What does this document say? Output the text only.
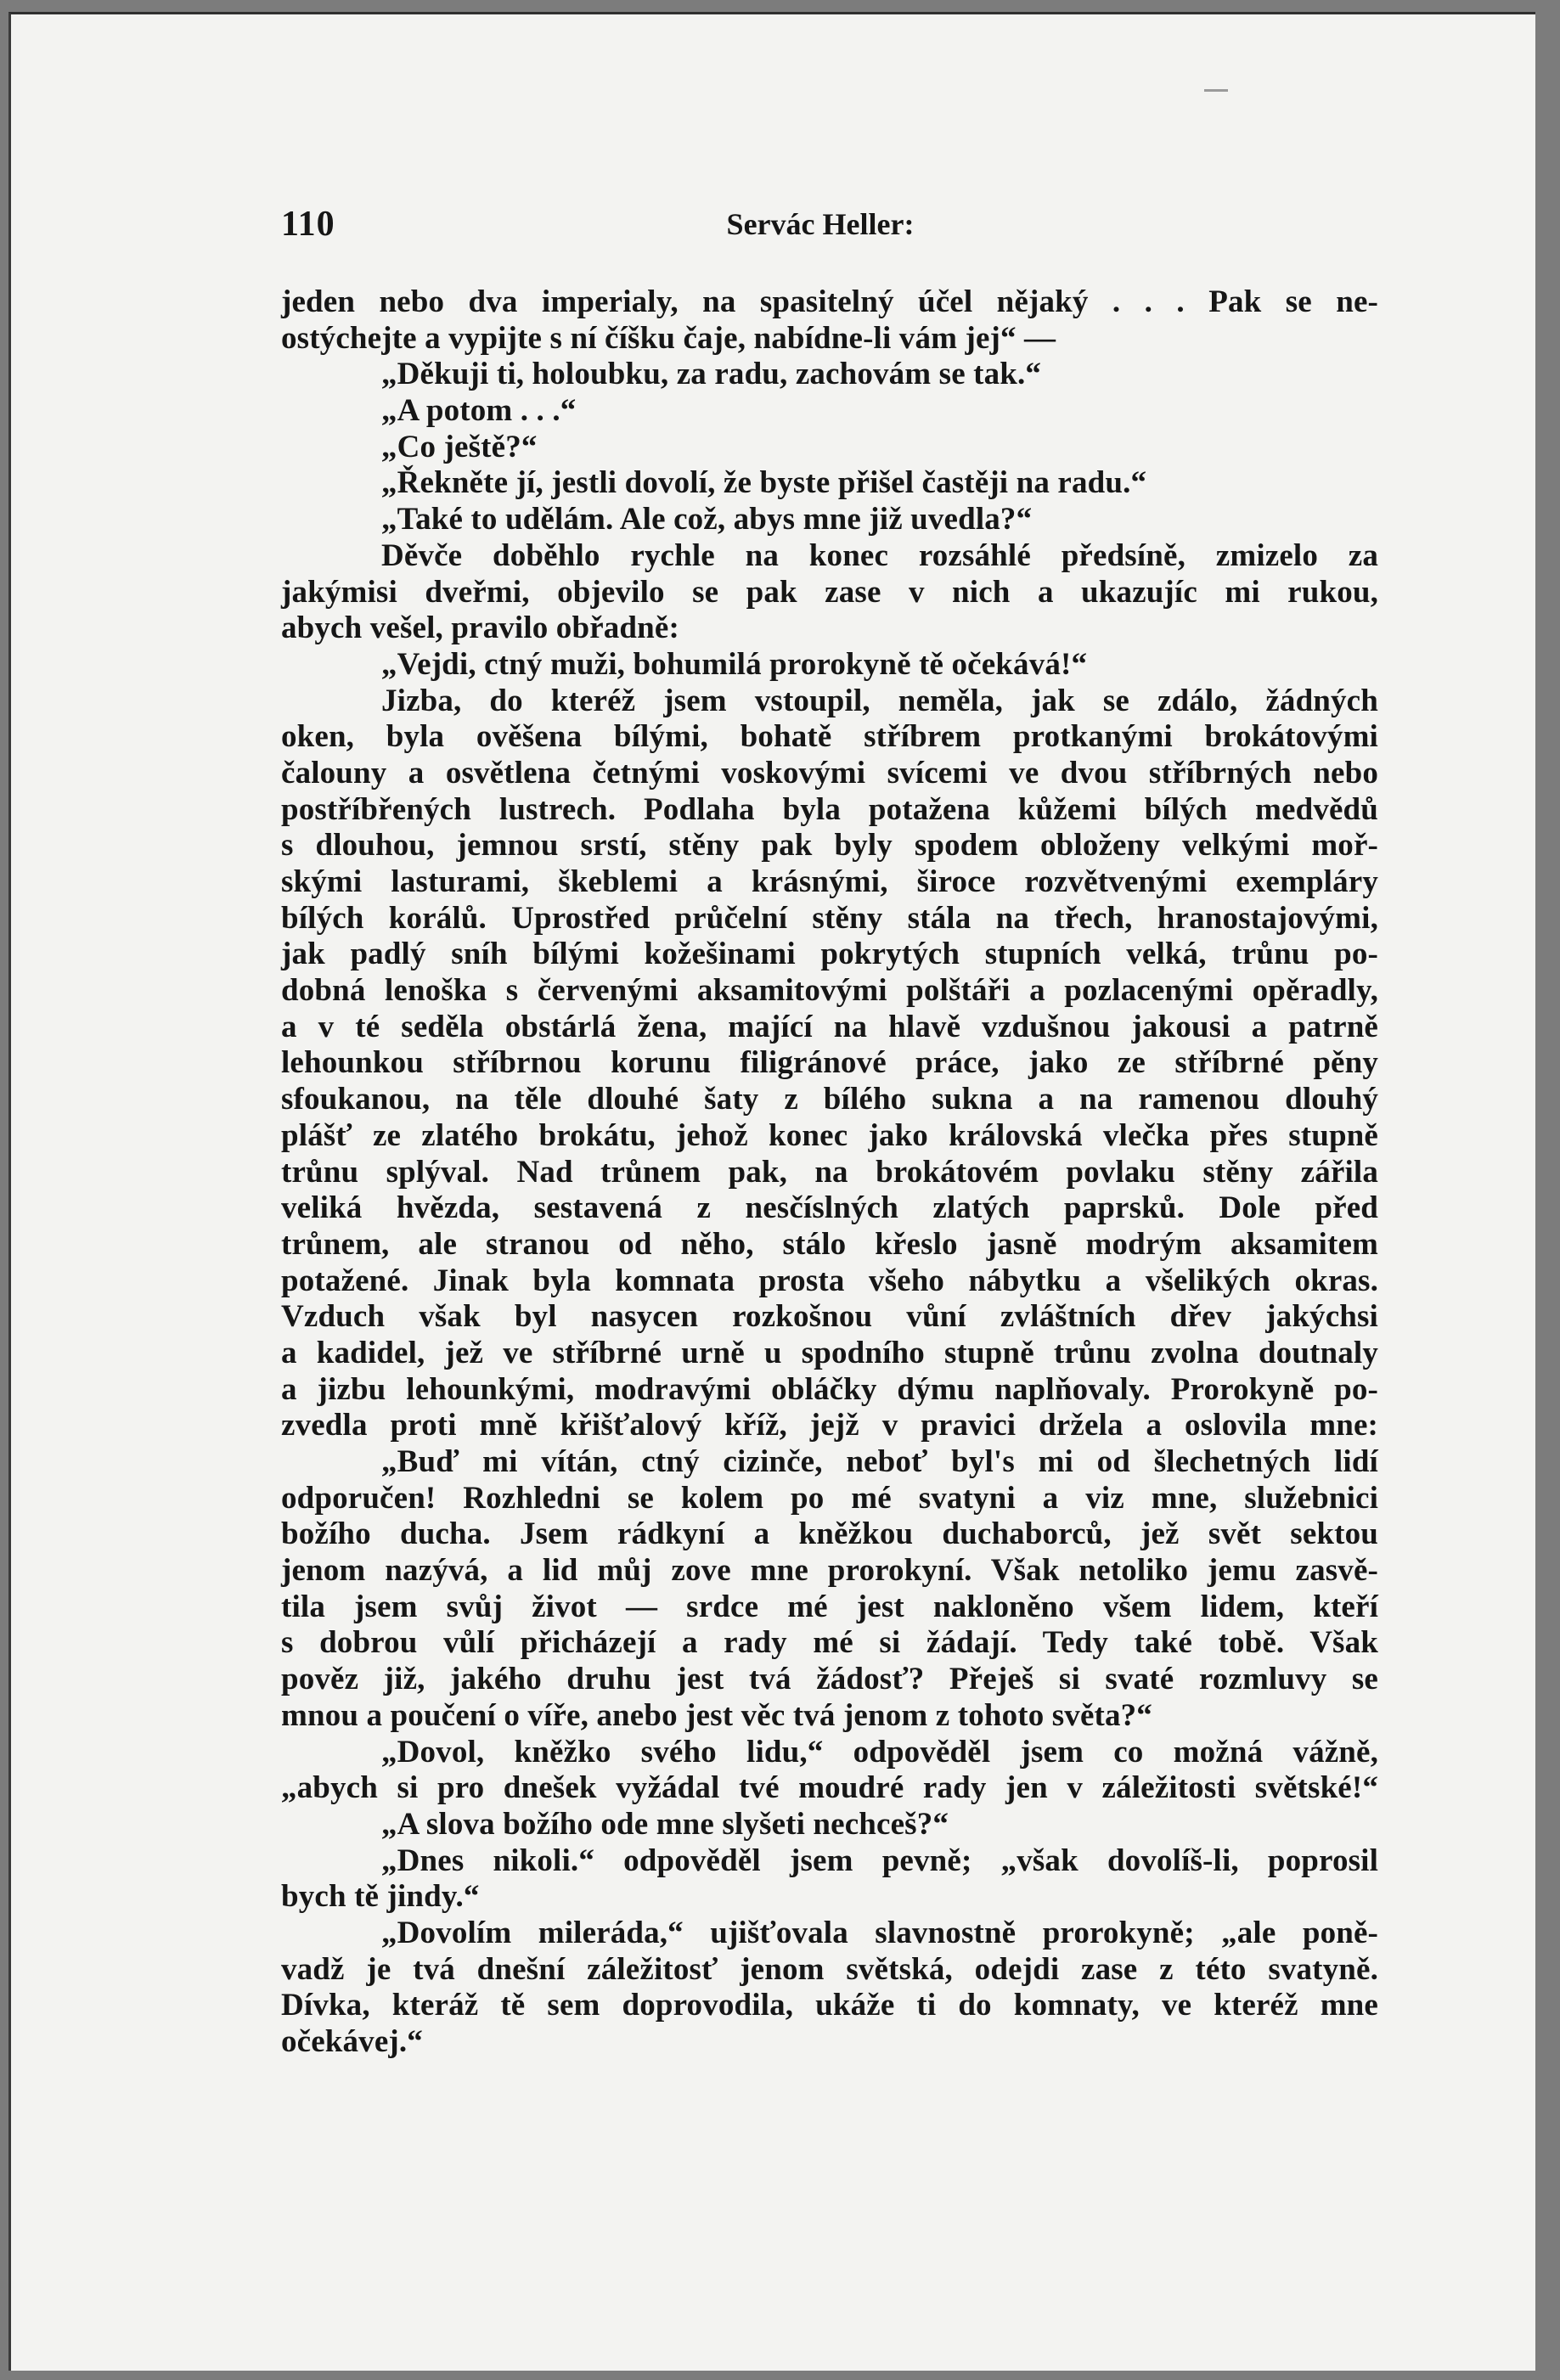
110	Servác Heller:
jeden nebo dva imperialy, na spasitelný účel nějaký . . . Pak se ne-
ostýchejte a vypijte s ní číšku čaje, nabídne-li vám jej“ —
„Děkuji ti, holoubku, za radu, zachovám se tak.“
„A potom . . .“
„Co ještě?“
„Řekněte jí, jestli dovolí, že byste přišel častěji na radu.“
„Také to udělám. Ale což, abys mne již uvedla?“
Děvče doběhlo rychle na konec rozsáhlé předsíně, zmizelo za
jakýmisi dveřmi, objevilo se pak zase v nich a ukazujíc mi rukou,
abych vešel, pravilo obřadně:
„Vejdi, ctný muži, bohumilá prorokyně tě očekává!“
Jizba, do kteréž jsem vstoupil, neměla, jak se zdálo, žádných
oken, byla ověšena bílými, bohatě stříbrem protkanými brokátovými
čalouny a osvětlena četnými voskovými svícemi ve dvou stříbrných nebo
postříbřených lustrech. Podlaha byla potažena kůžemi bílých medvědů
s dlouhou, jemnou srstí, stěny pak byly spodem obloženy velkými moř-
skými lasturami, škeblemi a krásnými, široce rozvětvenými exempláry
bílých korálů. Uprostřed průčelní stěny stála na třech, hranostajovými,
jak padlý sníh bílými kožešinami pokrytých stupních velká, trůnu po-
dobná lenoška s červenými aksamitovými polštáři a pozlacenými opěradly,
a v té seděla obstárlá žena, mající na hlavě vzdušnou jakousi a patrně
lehounkou stříbrnou korunu filigránové práce, jako ze stříbrné pěny
sfoukanou, na těle dlouhé šaty z bílého sukna a na ramenou dlouhý
plášť ze zlatého brokátu, jehož konec jako královská vlečka přes stupně
trůnu splýval. Nad trůnem pak, na brokátovém povlaku stěny zářila
veliká hvězda, sestavená z nesčíslných zlatých paprsků. Dole před
trůnem, ale stranou od něho, stálo křeslo jasně modrým aksamitem
potažené. Jinak byla komnata prosta všeho nábytku a všelikých okras.
Vzduch však byl nasycen rozkošnou vůní zvláštních dřev jakýchsi
a kadidel, jež ve stříbrné urně u spodního stupně trůnu zvolna doutnaly
a jizbu lehounkými, modravými obláčky dýmu naplňovaly. Prorokyně po-
zvedla proti mně křišťalový kříž, jejž v pravici držela a oslovila mne:
„Buď mi vítán, ctný cizinče, neboť byl's mi od šlechetných lidí
odporučen! Rozhledni se kolem po mé svatyni a viz mne, služebnici
božího ducha. Jsem rádkyní a kněžkou duchaborců, jež svět sektou
jenom nazývá, a lid můj zove mne prorokyní. Však netoliko jemu zasvě-
tila jsem svůj život — srdce mé jest nakloněno všem lidem, kteří
s dobrou vůlí přicházejí a rady mé si žádají. Tedy také tobě. Však
pověz již, jakého druhu jest tvá žádosť? Přeješ si svaté rozmluvy se
mnou a poučení o víře, anebo jest věc tvá jenom z tohoto světa?“
„Dovol, kněžko svého lidu,“ odpověděl jsem co možná vážně,
„abych si pro dnešek vyžádal tvé moudré rady jen v záležitosti světské!“
„A slova božího ode mne slyšeti nechceš?“
„Dnes nikoli.“ odpověděl jsem pevně; „však dovolíš-li, poprosil
bych tě jindy.“
„Dovolím mileráda,“ ujišťovala slavnostně prorokyně; „ale poně-
vadž je tvá dnešní záležitosť jenom světská, odejdi zase z této svatyně.
Dívka, kteráž tě sem doprovodila, ukáže ti do komnaty, ve kteréž mne
očekávej.“
